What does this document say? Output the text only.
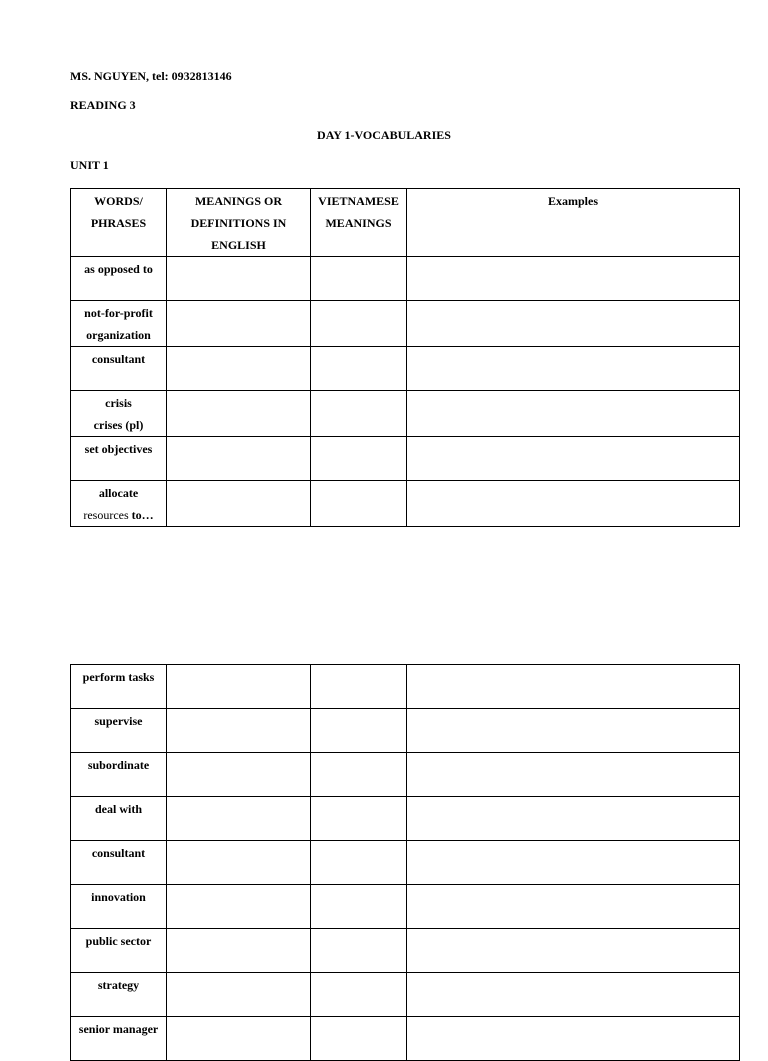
MS. NGUYEN, tel: 0932813146
READING 3
DAY 1-VOCABULARIES
UNIT 1
WORDS/ PHRASES	MEANINGS OR DEFINITIONS IN ENGLISH	VIETNAMESE MEANINGS	Examples

as opposed to			

not-for-profit
organization			

consultant			

crisis
crises (pl)			

set objectives			

allocate
resources to…			

perform tasks			
supervise			
subordinate			
deal with			
consultant			
innovation			
public sector			
strategy			
senior manager			
